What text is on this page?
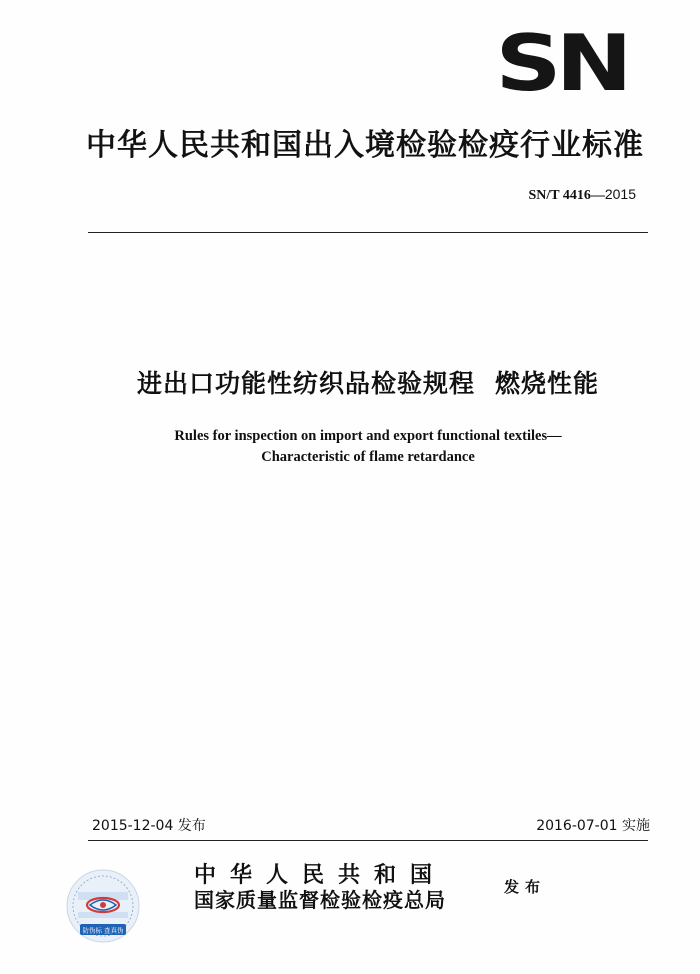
SN
中华人民共和国出入境检验检疫行业标准
SN/T 4416—2015
进出口功能性纺织品检验规程 燃烧性能
Rules for inspection on import and export functional textiles—
Characteristic of flame retardance
2015-12-04 发布	2016-07-01 实施
防伪标 查真伪
中华人民共和国
国家质量监督检验检疫总局
发布
